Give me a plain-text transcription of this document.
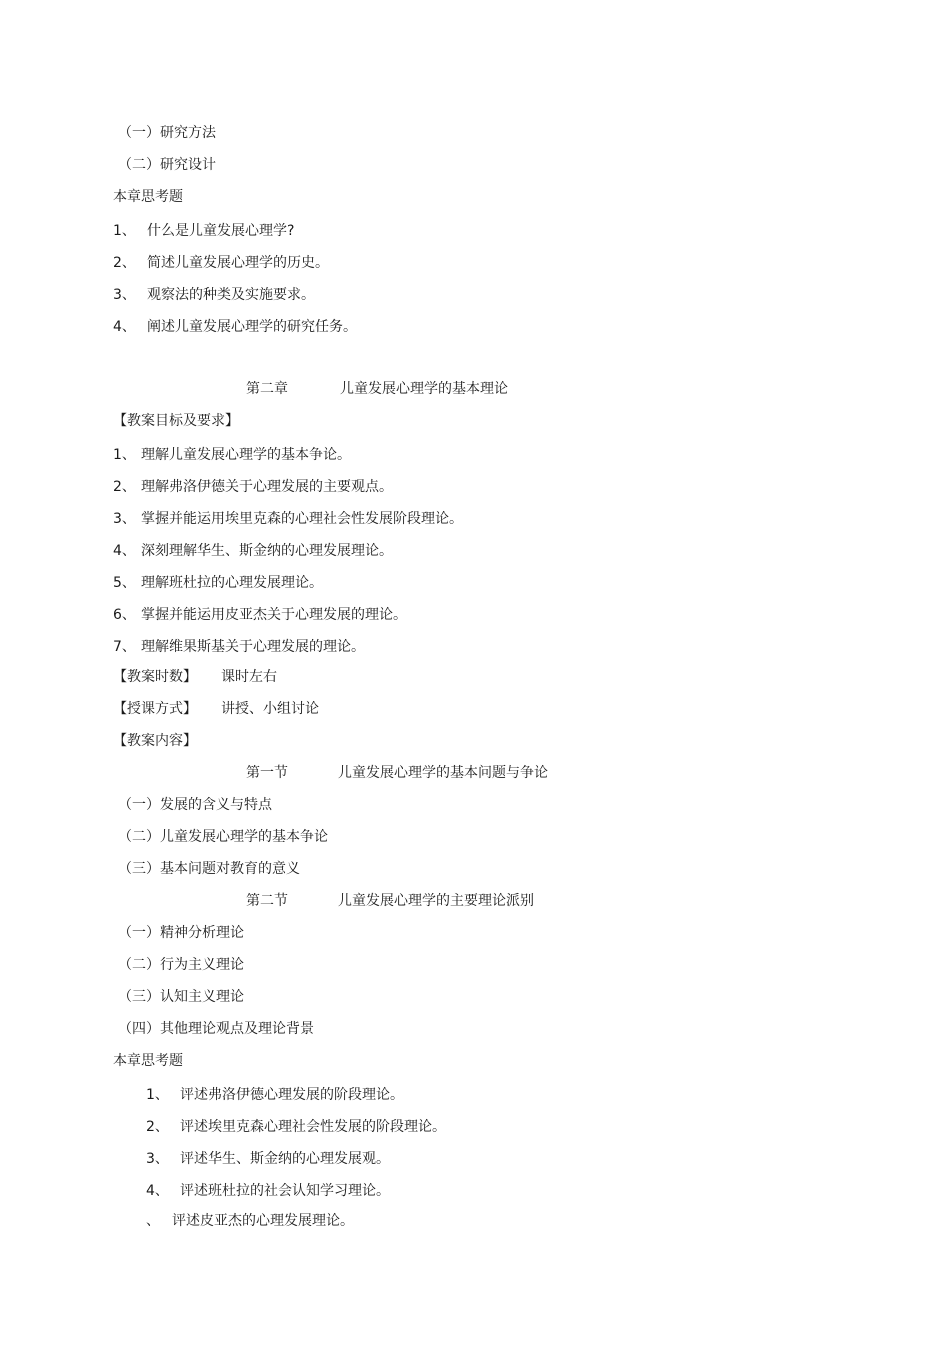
（一）研究方法
（二）研究设计
本章思考题
1、 什么是儿童发展心理学?
2、 简述儿童发展心理学的历史。
3、 观察法的种类及实施要求。
4、 阐述儿童发展心理学的研究任务。
第二章	儿童发展心理学的基本理论
【教案目标及要求】
1、 理解儿童发展心理学的基本争论。
2、 理解弗洛伊德关于心理发展的主要观点。
3、 掌握并能运用埃里克森的心理社会性发展阶段理论。
4、 深刻理解华生、斯金纳的心理发展理论。
5、 理解班杜拉的心理发展理论。
6、 掌握并能运用皮亚杰关于心理发展的理论。
7、 理解维果斯基关于心理发展的理论。
【教案时数】 课时左右
【授课方式】 讲授、小组讨论
【教案内容】
第一节	儿童发展心理学的基本问题与争论
（一）发展的含义与特点
（二）儿童发展心理学的基本争论
（三）基本问题对教育的意义
第二节	儿童发展心理学的主要理论派别
（一）精神分析理论
（二）行为主义理论
（三）认知主义理论
（四）其他理论观点及理论背景
本章思考题
1、 评述弗洛伊德心理发展的阶段理论。
2、 评述埃里克森心理社会性发展的阶段理论。
3、 评述华生、斯金纳的心理发展观。
4、 评述班杜拉的社会认知学习理论。
、 评述皮亚杰的心理发展理论。
